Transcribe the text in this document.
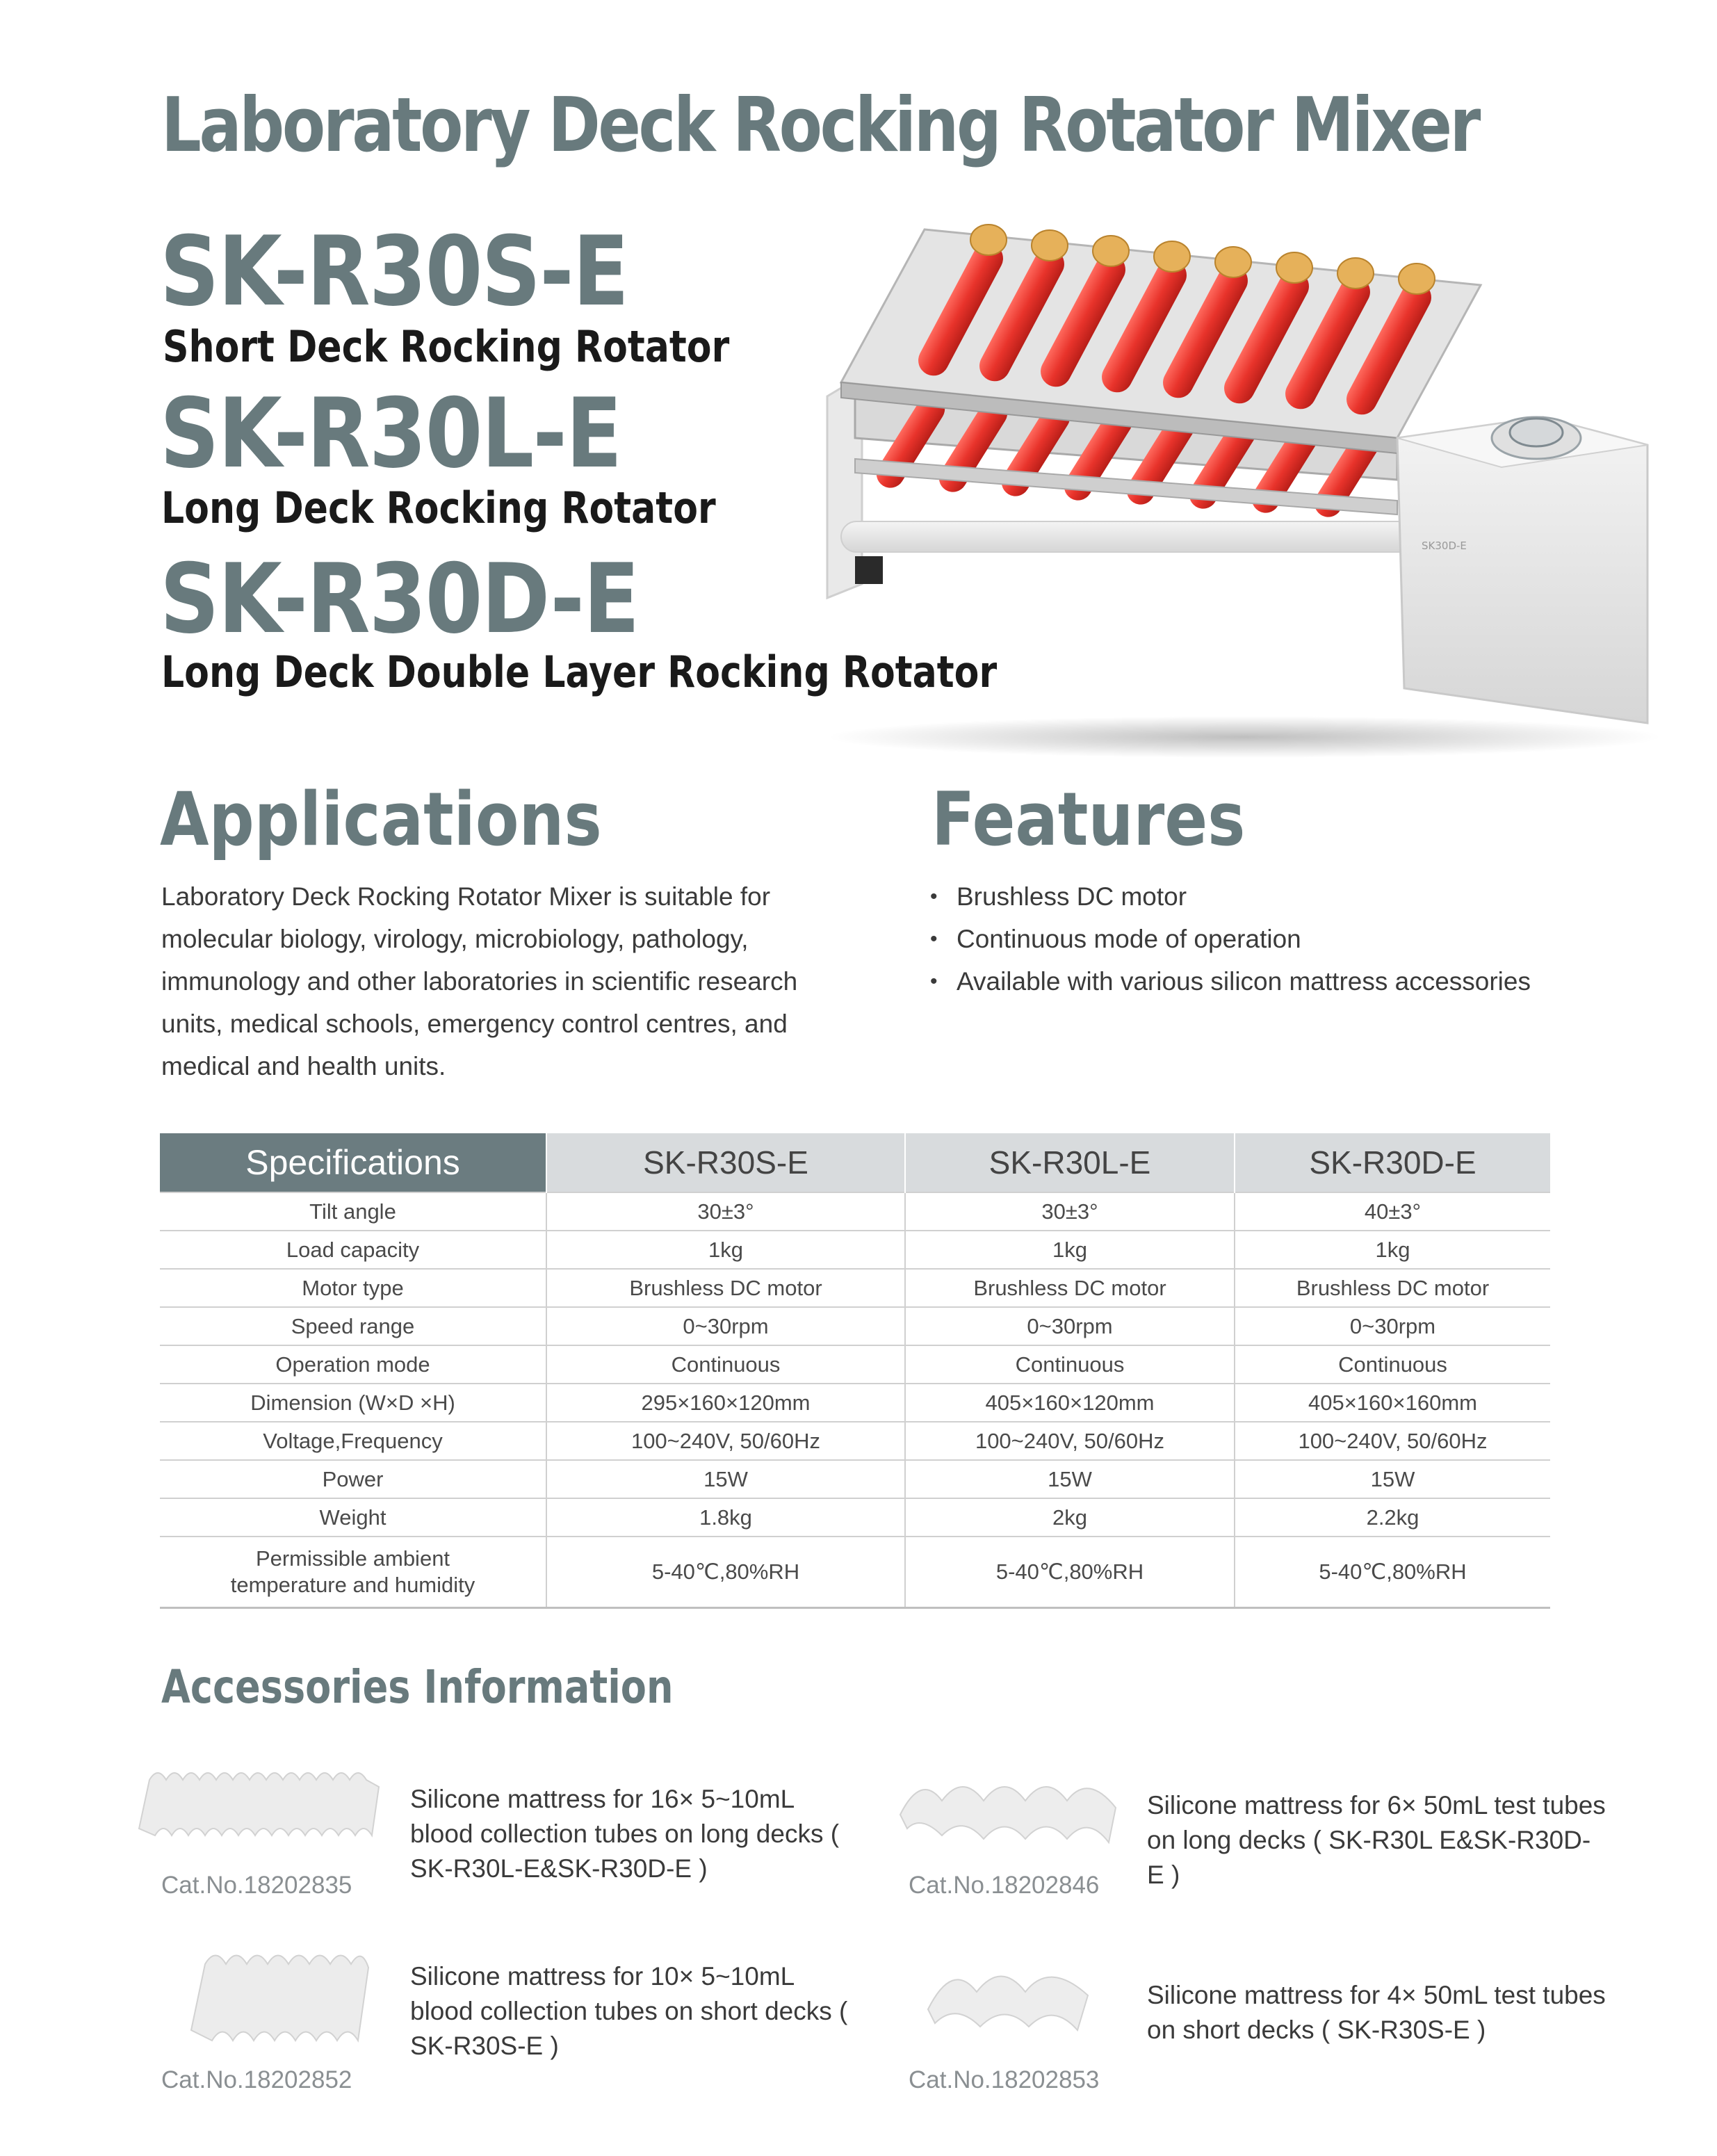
Laboratory Deck Rocking Rotator Mixer
SK-R30S-E
Short Deck Rocking Rotator
SK-R30L-E
Long Deck Rocking Rotator
SK-R30D-E
Long Deck Double Layer Rocking Rotator
SK30D-E
Applications
Laboratory Deck Rocking Rotator Mixer is suitable for molecular biology, virology, microbiology, pathology, immunology and other laboratories in scientific research units, medical schools, emergency control centres, and medical and health units.
Features
• Brushless DC motor
• Continuous mode of operation
• Available with various silicon mattress accessories
Specifications	SK-R30S-E	SK-R30L-E	SK-R30D-E
Tilt angle	30±3°	30±3°	40±3°
Load capacity	1kg	1kg	1kg
Motor type	Brushless DC motor	Brushless DC motor	Brushless DC motor
Speed range	0~30rpm	0~30rpm	0~30rpm
Operation mode	Continuous	Continuous	Continuous
Dimension (W×D ×H)	295×160×120mm	405×160×120mm	405×160×160mm
Voltage,Frequency	100~240V, 50/60Hz	100~240V, 50/60Hz	100~240V, 50/60Hz
Power	15W	15W	15W
Weight	1.8kg	2kg	2.2kg
Permissible ambient
temperature and humidity	5-40℃,80%RH	5-40℃,80%RH	5-40℃,80%RH
Accessories Information
Silicone mattress for 16× 5~10mL blood collection tubes on long decks ( SK-R30L-E&SK-R30D-E )
Cat.No.18202835
Silicone mattress for 6× 50mL test tubes on long decks ( SK-R30L E&SK-R30D-E )
Cat.No.18202846
Silicone mattress for 10× 5~10mL blood collection tubes on short decks ( SK-R30S-E )
Cat.No.18202852
Silicone mattress for 4× 50mL test tubes on short decks ( SK-R30S-E )
Cat.No.18202853
